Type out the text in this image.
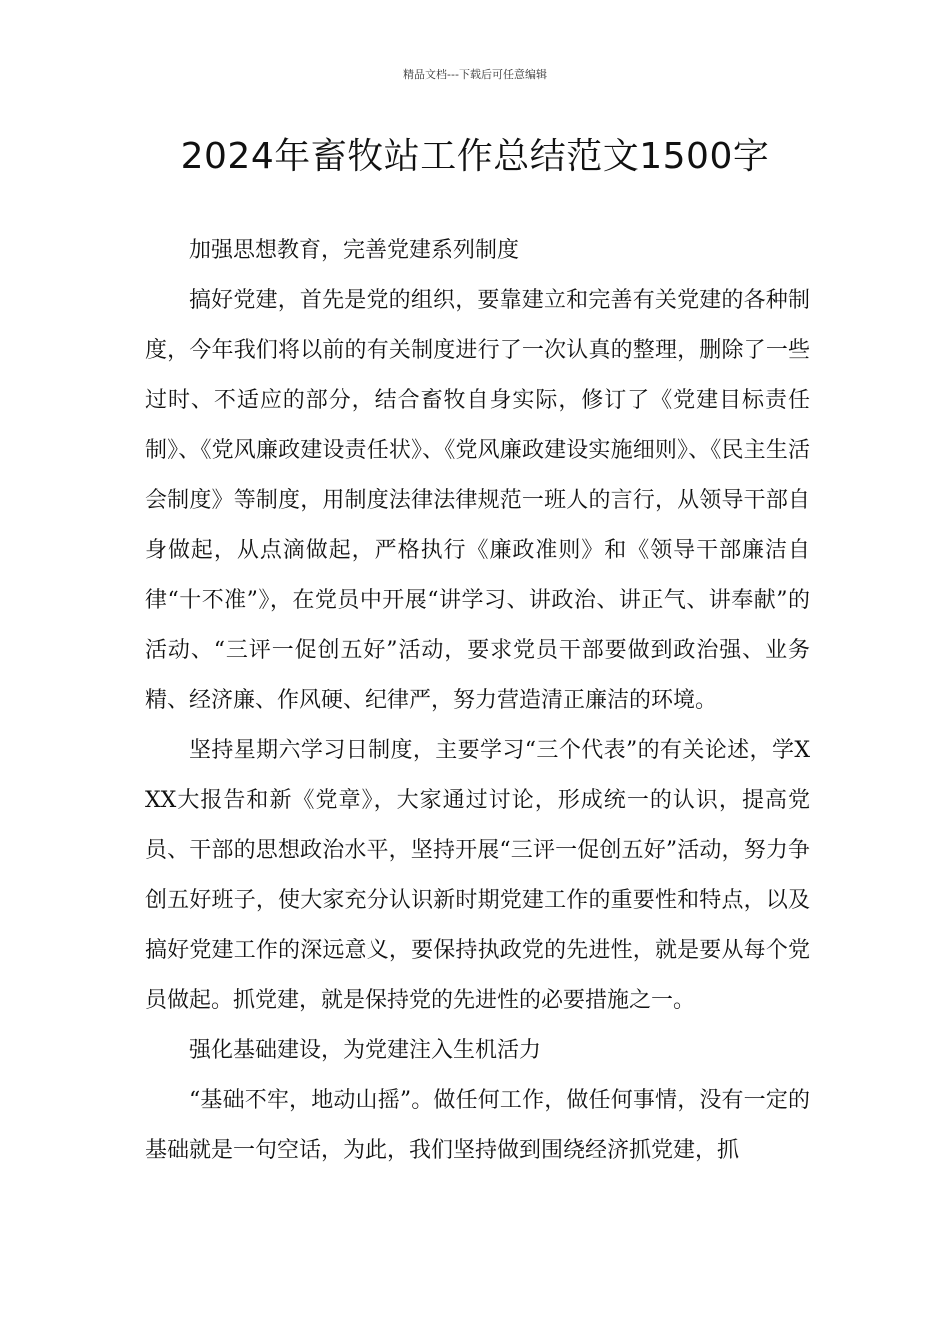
精品文档---下载后可任意编辑
2024年畜牧站工作总结范文1500字

加强思想教育，完善党建系列制度

搞好党建，首先是党的组织，要靠建立和完善有关党建的各种制度，今年我们将以前的有关制度进行了一次认真的整理，删除了一些过时、不适应的部分，结合畜牧自身实际，修订了《党建目标责任制》、《党风廉政建设责任状》、《党风廉政建设实施细则》、《民主生活会制度》等制度，用制度法律法律规范一班人的言行，从领导干部自身做起，从点滴做起，严格执行《廉政准则》和《领导干部廉洁自律“十不准”》，在党员中开展“讲学习、讲政治、讲正气、讲奉献”的活动、“三评一促创五好”活动，要求党员干部要做到政治强、业务精、经济廉、作风硬、纪律严，努力营造清正廉洁的环境。

坚持星期六学习日制度，主要学习“三个代表”的有关论述，学XXX大报告和新《党章》，大家通过讨论，形成统一的认识，提高党员、干部的思想政治水平，坚持开展“三评一促创五好”活动，努力争创五好班子，使大家充分认识新时期党建工作的重要性和特点，以及搞好党建工作的深远意义，要保持执政党的先进性，就是要从每个党员做起。抓党建，就是保持党的先进性的必要措施之一。

强化基础建设，为党建注入生机活力

“基础不牢，地动山摇”。做任何工作，做任何事情，没有一定的基础就是一句空话，为此，我们坚持做到围绕经济抓党建，抓
